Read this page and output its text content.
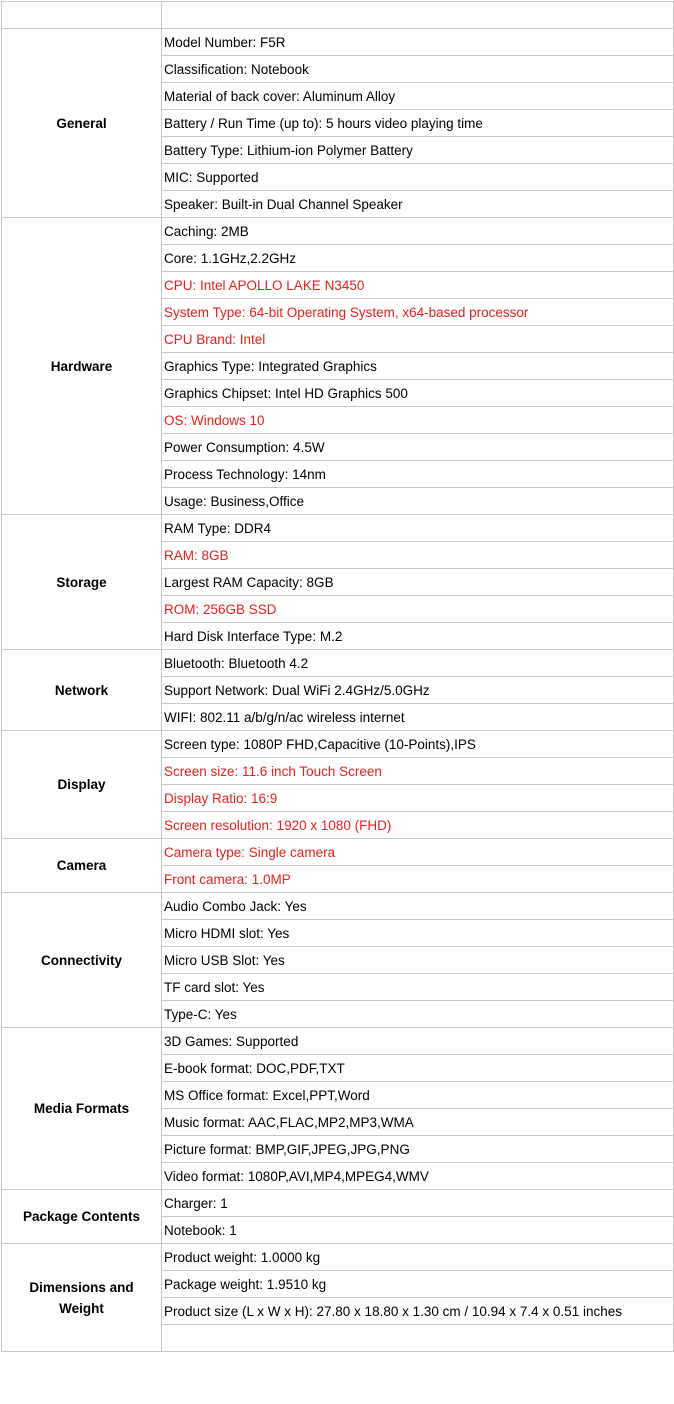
General	Model Number: F5R
	Classification: Notebook
	Material of back cover: Aluminum Alloy
	Battery / Run Time (up to): 5 hours video playing time
	Battery Type: Lithium-ion Polymer Battery
	MIC: Supported
	Speaker: Built-in Dual Channel Speaker
Hardware	Caching: 2MB
	Core: 1.1GHz,2.2GHz
	CPU: Intel APOLLO LAKE N3450
	System Type: 64-bit Operating System, x64-based processor
	CPU Brand: Intel
	Graphics Type: Integrated Graphics
	Graphics Chipset: Intel HD Graphics 500
	OS: Windows 10
	Power Consumption: 4.5W
	Process Technology: 14nm
	Usage: Business,Office
Storage	RAM Type: DDR4
	RAM: 8GB
	Largest RAM Capacity: 8GB
	ROM: 256GB SSD
	Hard Disk Interface Type: M.2
Network	Bluetooth: Bluetooth 4.2
	Support Network: Dual WiFi 2.4GHz/5.0GHz
	WIFI: 802.11 a/b/g/n/ac wireless internet
Display	Screen type: 1080P FHD,Capacitive (10-Points),IPS
	Screen size: 11.6 inch Touch Screen
	Display Ratio: 16:9
	Screen resolution: 1920 x 1080 (FHD)
Camera	Camera type: Single camera
	Front camera: 1.0MP
Connectivity	Audio Combo Jack: Yes
	Micro HDMI slot: Yes
	Micro USB Slot: Yes
	TF card slot: Yes
	Type-C: Yes
Media Formats	3D Games: Supported
	E-book format: DOC,PDF,TXT
	MS Office format: Excel,PPT,Word
	Music format: AAC,FLAC,MP2,MP3,WMA
	Picture format: BMP,GIF,JPEG,JPG,PNG
	Video format: 1080P,AVI,MP4,MPEG4,WMV
Package Contents	Charger: 1
	Notebook: 1
Dimensions and Weight	Product weight: 1.0000 kg
	Package weight: 1.9510 kg
	Product size (L x W x H): 27.80 x 18.80 x 1.30 cm / 10.94 x 7.4 x 0.51 inches
